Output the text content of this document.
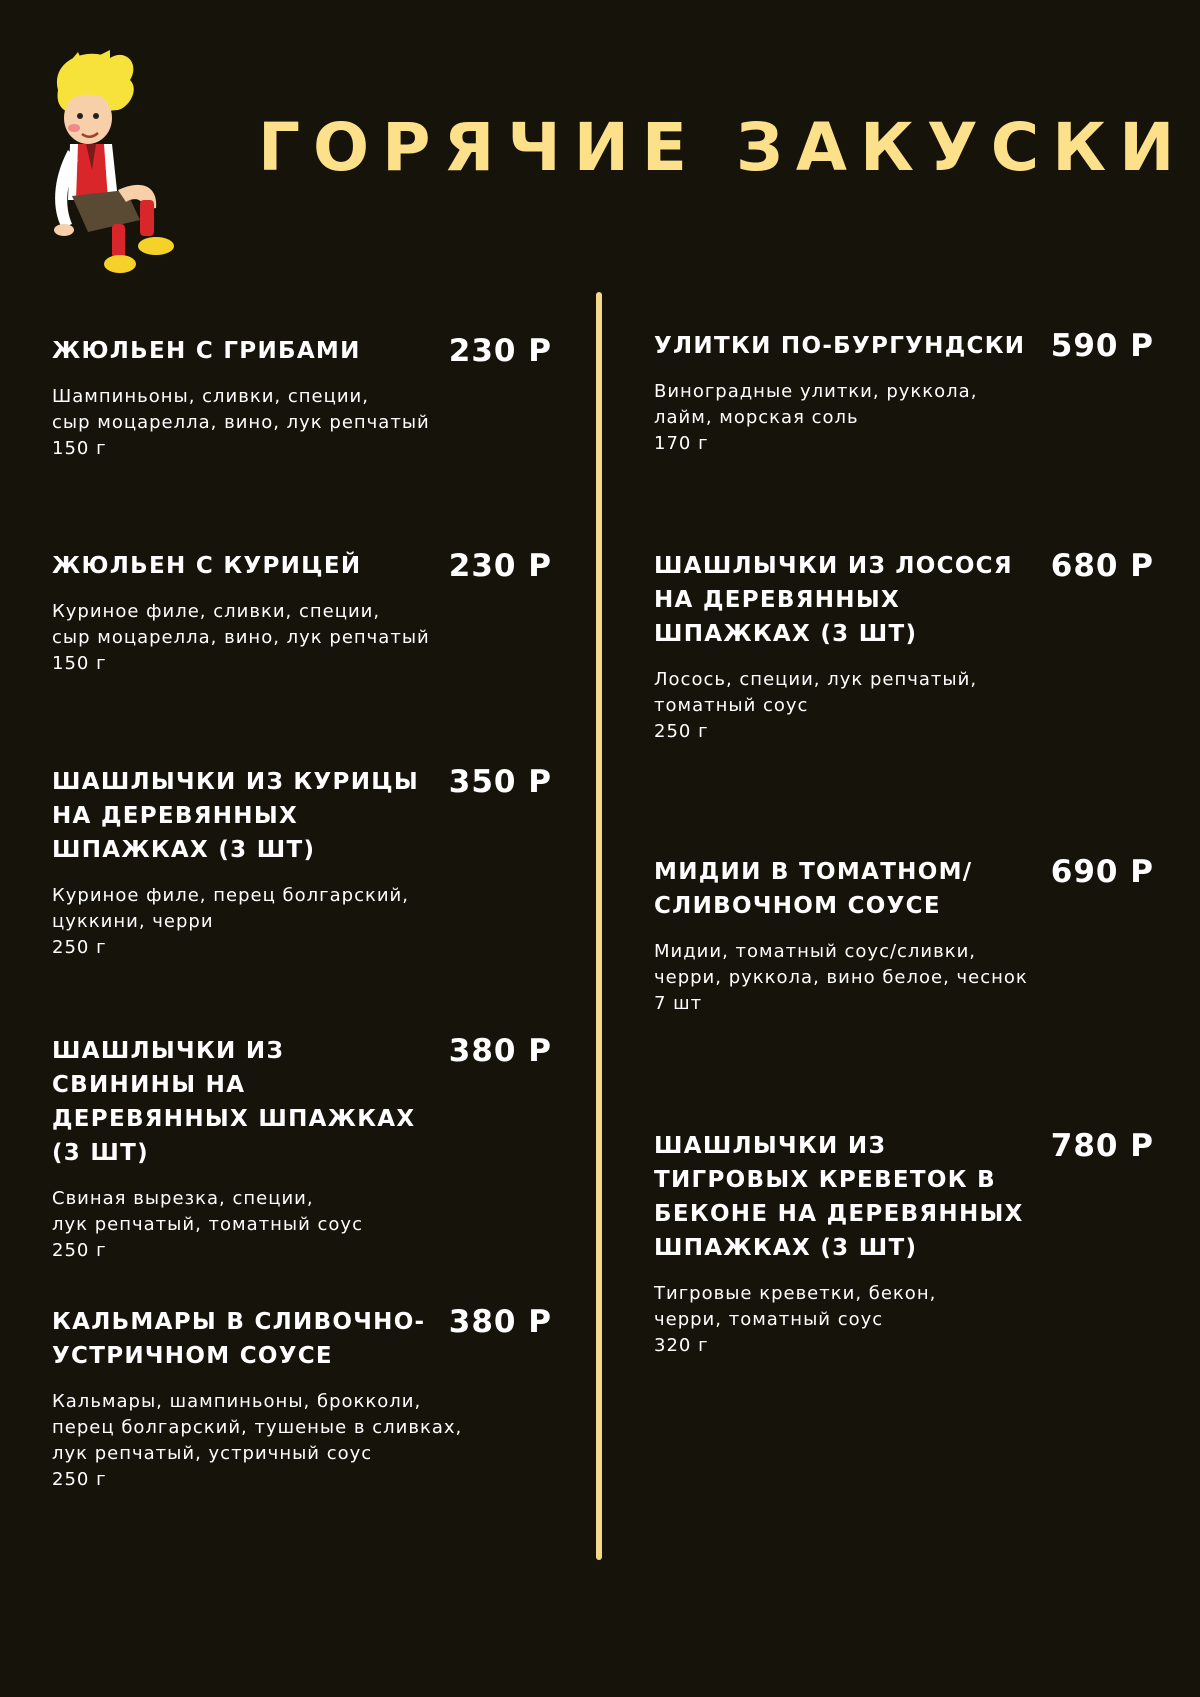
ГОРЯЧИЕ ЗАКУСКИ
ЖЮЛЬЕН С ГРИБАМИ	230 Р
Шампиньоны, сливки, специи,
сыр моцарелла, вино, лук репчатый
150 г
ЖЮЛЬЕН С КУРИЦЕЙ	230 Р
Куриное филе, сливки, специи,
сыр моцарелла, вино, лук репчатый
150 г
ШАШЛЫЧКИ ИЗ КУРИЦЫ НА ДЕРЕВЯННЫХ ШПАЖКАХ (3 ШТ)
350 Р
Куриное филе, перец болгарский,
цуккини, черри
250 г
ШАШЛЫЧКИ ИЗ СВИНИНЫ НА ДЕРЕВЯННЫХ ШПАЖКАХ (3 ШТ)
380 Р
Свиная вырезка, специи,
лук репчатый, томатный соус
250 г
КАЛЬМАРЫ В СЛИВОЧНО-УСТРИЧНОМ СОУСЕ
380 Р
Кальмары, шампиньоны, брокколи,
перец болгарский, тушеные в сливках,
лук репчатый, устричный соус
250 г
УЛИТКИ ПО-БУРГУНДСКИ 590 Р
Виноградные улитки, руккола,
лайм, морская соль
170 г
ШАШЛЫЧКИ ИЗ ЛОСОСЯ НА ДЕРЕВЯННЫХ ШПАЖКАХ (3 ШТ)
680 Р
Лосось, специи, лук репчатый,
томатный соус
250 г
МИДИИ В ТОМАТНОМ/ СЛИВОЧНОМ СОУСЕ
690 Р
Мидии, томатный соус/сливки,
черри, руккола, вино белое, чеснок
7 шт
ШАШЛЫЧКИ ИЗ ТИГРОВЫХ КРЕВЕТОК В БЕКОНЕ НА ДЕРЕВЯННЫХ ШПАЖКАХ (3 ШТ)
780 Р
Тигровые креветки, бекон,
черри, томатный соус
320 г
